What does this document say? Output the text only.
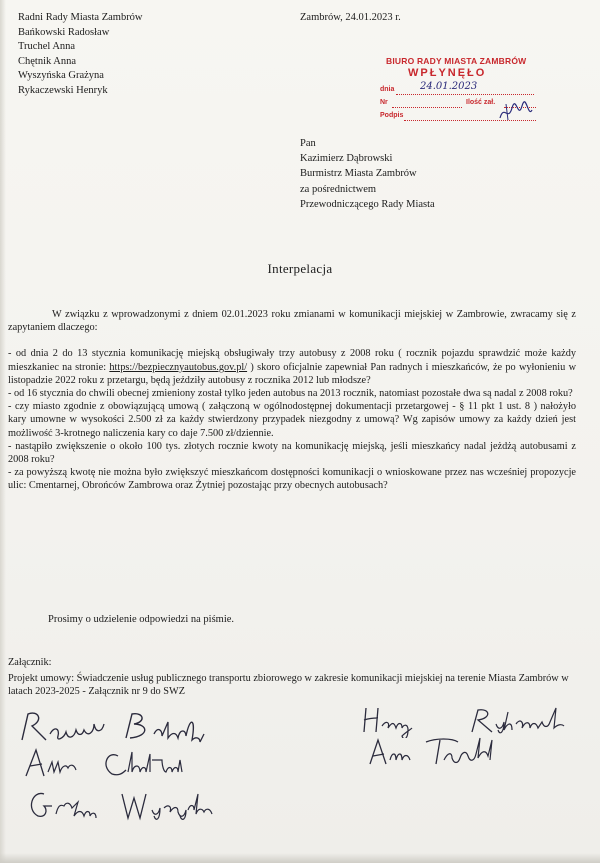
Radni Rady Miasta Zambrów
Bańkowski Radosław
Truchel Anna
Chętnik Anna
Wyszyńska Grażyna
Rykaczewski Henryk
Zambrów, 24.01.2023 r.
BIURO RADY MIASTA ZAMBRÓW
WPŁYNĘŁO
dnia	24.01.2023
Nr	Ilość zał.
Podpis
Pan
Kazimierz Dąbrowski
Burmistrz Miasta Zambrów
za pośrednictwem
Przewodniczącego Rady Miasta
Interpelacja

W związku z wprowadzonymi z dniem 02.01.2023 roku zmianami w komunikacji miejskiej w Zambrowie, zwracamy się z zapytaniem dlaczego:

- od dnia 2 do 13 stycznia komunikację miejską obsługiwały trzy autobusy z 2008 roku ( rocznik pojazdu sprawdzić może każdy mieszkaniec na stronie: https://bezpiecznyautobus.gov.pl/ ) skoro oficjalnie zapewniał Pan radnych i mieszkańców, że po wyłonieniu w listopadzie 2022 roku z przetargu, będą jeździły autobusy z rocznika 2012 lub młodsze?

- od 16 stycznia do chwili obecnej zmieniony został tylko jeden autobus na 2013 rocznik, natomiast pozostałe dwa są nadal z 2008 roku?

- czy miasto zgodnie z obowiązującą umową ( załączoną w ogólnodostępnej dokumentacji przetargowej - § 11 pkt 1 ust. 8 ) nałożyło kary umowne w wysokości 2.500 zł za każdy stwierdzony przypadek niezgodny z umową? Wg zapisów umowy za każdy dzień jest możliwość 3-krotnego naliczenia kary co daje 7.500 zł/dziennie.

- nastąpiło zwiększenie o około 100 tys. złotych rocznie kwoty na komunikację miejską, jeśli mieszkańcy nadal jeżdżą autobusami z 2008 roku?

- za powyższą kwotę nie można było zwiększyć mieszkańcom dostępności komunikacji o wnioskowane przez nas wcześniej propozycje ulic: Cmentarnej, Obrońców Zambrowa oraz Żytniej pozostając przy obecnych autobusach?

Prosimy o udzielenie odpowiedzi na piśmie.
Załącznik:
Projekt umowy: Świadczenie usług publicznego transportu zbiorowego w zakresie komunikacji miejskiej na terenie Miasta Zambrów w latach 2023-2025 - Załącznik nr 9 do SWZ
